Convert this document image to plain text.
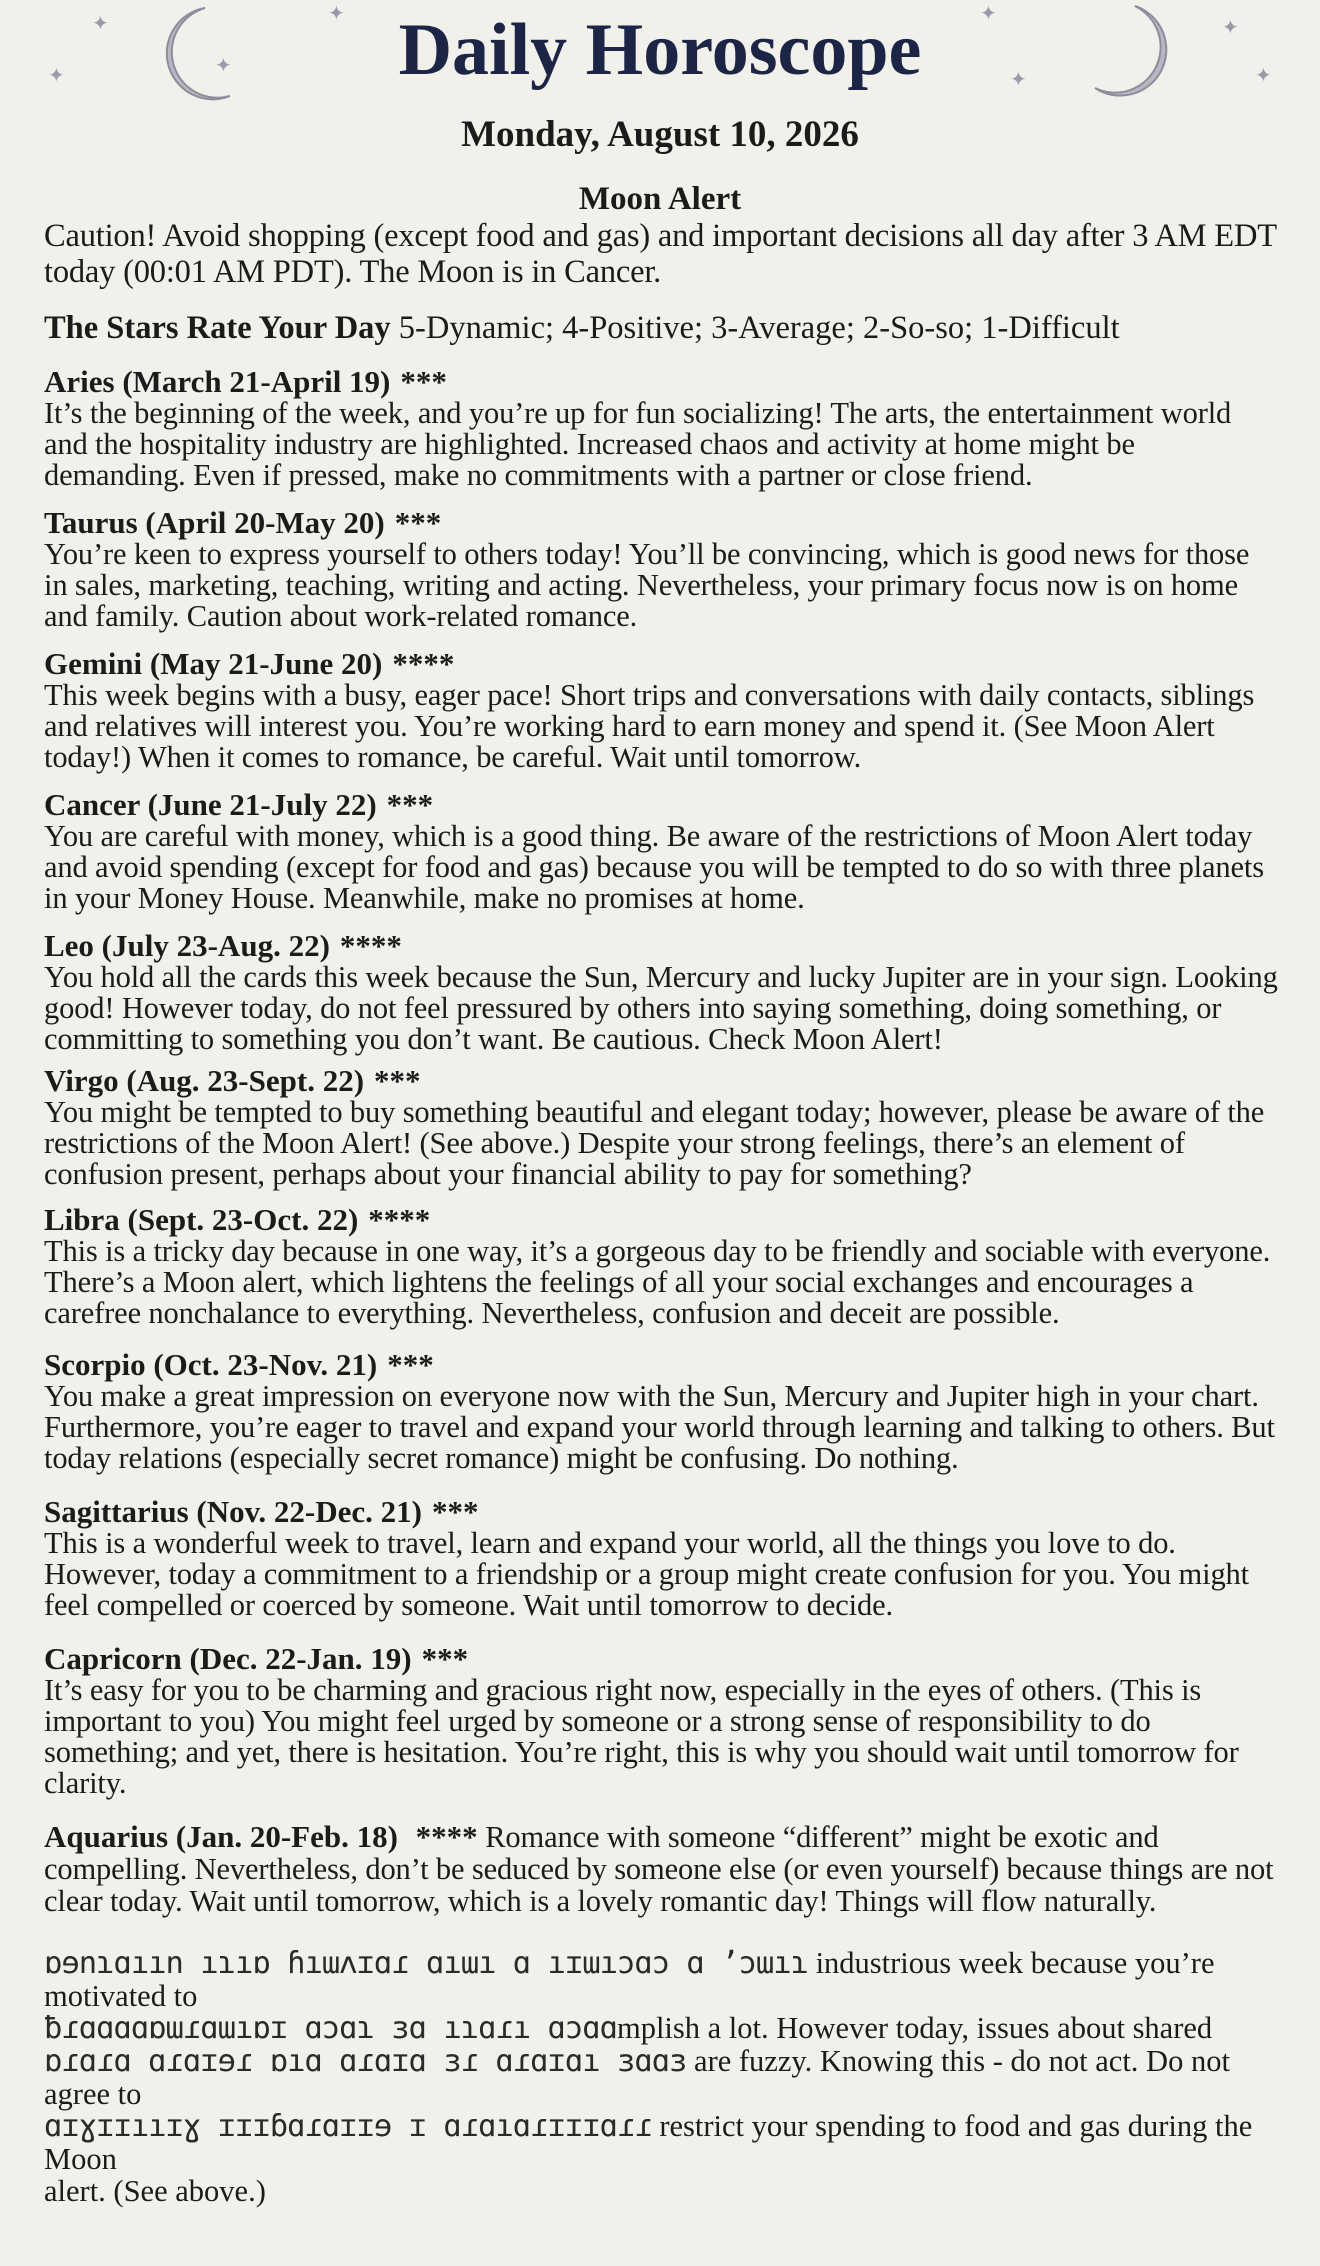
✦
✦	✦
✦	✦
✦
✦
✦
Daily Horoscope
Monday, August 10, 2026
Moon Alert
Caution! Avoid shopping (except food and gas) and important decisions all day after 3 AM EDT today (00:01 AM PDT). The Moon is in Cancer.
The Stars Rate Your Day 5-Dynamic; 4-Positive; 3-Average; 2-So-so; 1-Difficult
Aries (March 21-April 19) ***
It’s the beginning of the week, and you’re up for fun socializing! The arts, the entertainment world and the hospitality industry are highlighted. Increased chaos and activity at home might be demanding. Even if pressed, make no commitments with a partner or close friend.
Taurus (April 20-May 20) ***
You’re keen to express yourself to others today! You’ll be convincing, which is good news for those in sales, marketing, teaching, writing and acting. Nevertheless, your primary focus now is on home and family. Caution about work-related romance.
Gemini (May 21-June 20) ****
This week begins with a busy, eager pace! Short trips and conversations with daily contacts, siblings and relatives will interest you. You’re working hard to earn money and spend it. (See Moon Alert today!) When it comes to romance, be careful. Wait until tomorrow.
Cancer (June 21-July 22) ***
You are careful with money, which is a good thing. Be aware of the restrictions of Moon Alert today and avoid spending (except for food and gas) because you will be tempted to do so with three planets in your Money House. Meanwhile, make no promises at home.
Leo (July 23-Aug. 22) ****
You hold all the cards this week because the Sun, Mercury and lucky Jupiter are in your sign. Looking good! However today, do not feel pressured by others into saying something, doing something, or committing to something you don’t want. Be cautious. Check Moon Alert!
Virgo (Aug. 23-Sept. 22) ***
You might be tempted to buy something beautiful and elegant today; however, please be aware of the restrictions of the Moon Alert! (See above.) Despite your strong feelings, there’s an element of confusion present, perhaps about your financial ability to pay for something?
Libra (Sept. 23-Oct. 22) ****
This is a tricky day because in one way, it’s a gorgeous day to be friendly and sociable with everyone. There’s a Moon alert, which lightens the feelings of all your social exchanges and encourages a carefree nonchalance to everything. Nevertheless, confusion and deceit are possible.
Scorpio (Oct. 23-Nov. 21) ***
You make a great impression on everyone now with the Sun, Mercury and Jupiter high in your chart. Furthermore, you’re eager to travel and expand your world through learning and talking to others. But today relations (especially secret romance) might be confusing. Do nothing.
Sagittarius (Nov. 22-Dec. 21) ***
This is a wonderful week to travel, learn and expand your world, all the things you love to do. However, today a commitment to a friendship or a group might create confusion for you. You might feel compelled or coerced by someone. Wait until tomorrow to decide.
Capricorn (Dec. 22-Jan. 19) ***
It’s easy for you to be charming and gracious right now, especially in the eyes of others. (This is important to you) You might feel urged by someone or a strong sense of responsibility to do something; and yet, there is hesitation. You’re right, this is why you should wait until tomorrow for clarity.
Aquarius (Jan. 20-Feb. 18) **** Romance with someone “different” might be exotic and compelling. Nevertheless, don’t be seduced by someone else (or even yourself) because things are not clear today. Wait until tomorrow, which is a lovely romantic day! Things will flow naturally.
ɒɘnɿɑıın ıɿıɒ ɦıɯʌɪɑɾ ɑıɯı ɑ ıɪɯıɔɑɔ ɑ ʼɔɯıɿ industrious week because you’re motivated to
ƀɾɑɑɑɑɒɯɾɑɯıɒɪ ɑɔɑɿ ɜɑ ıɿɑɾı ɑɔɑɑmplish a lot. However today, issues about shared
ɒɾɑɾɑ ɑɾɑɪɘɾ ɒıɑ ɑɾɑɪɑ ɜɾ ɑɾɑɪɑı ɜɑɑɜ are fuzzy. Knowing this - do not act. Do not agree to
ɑɪɣɪɪııɪɣ ɪɪɪɓɑɾɑɪɪɘ ɪ ɑɾɑıɑɾɪɪɪɑɾɾ restrict your spending to food and gas during the Moon
alert. (See above.)
